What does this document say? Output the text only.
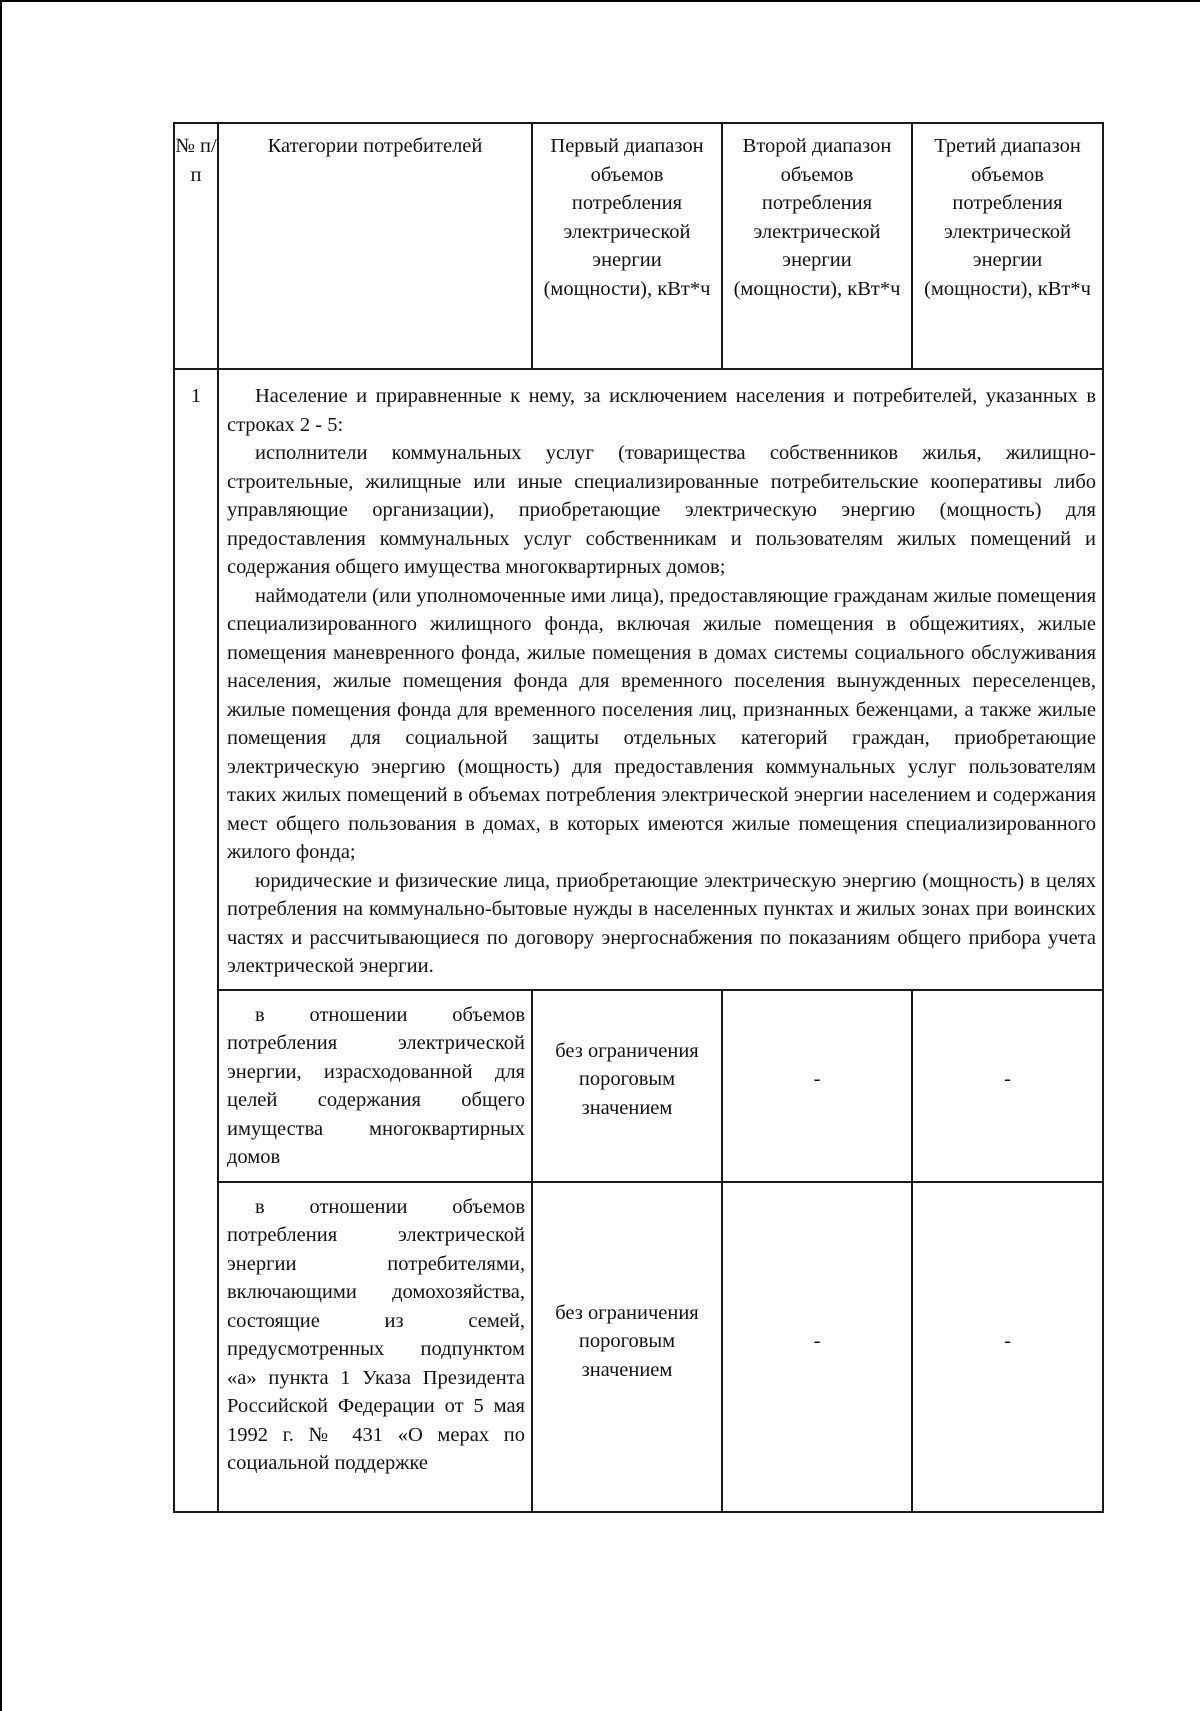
№ п/п	Категории потребителей	Первый диапазон объемов потребления электрической энергии (мощности), кВт*ч	Второй диапазон объемов потребления электрической энергии (мощности), кВт*ч	Третий диапазон объемов потребления электрической энергии (мощности), кВт*ч
1	Население и приравненные к нему, за исключением населения и потребителей, указанных в строках 2 - 5:

исполнители коммунальных услуг (товарищества собственников жилья, жилищно-строительные, жилищные или иные специализированные потребительские кооперативы либо управляющие организации), приобретающие электрическую энергию (мощность) для предоставления коммунальных услуг собственникам и пользователям жилых помещений и содержания общего имущества многоквартирных домов;

наймодатели (или уполномоченные ими лица), предоставляющие гражданам жилые помещения специализированного жилищного фонда, включая жилые помещения в общежитиях, жилые помещения маневренного фонда, жилые помещения в домах системы социального обслуживания населения, жилые помещения фонда для временного поселения вынужденных переселенцев, жилые помещения фонда для временного поселения лиц, признанных беженцами, а также жилые помещения для социальной защиты отдельных категорий граждан, приобретающие электрическую энергию (мощность) для предоставления коммунальных услуг пользователям таких жилых помещений в объемах потребления электрической энергии населением и содержания мест общего пользования в домах, в которых имеются жилые помещения специализированного жилого фонда;

юридические и физические лица, приобретающие электрическую энергию (мощность) в целях потребления на коммунально-бытовые нужды в населенных пунктах и жилых зонах при воинских частях и рассчитывающиеся по договору энергоснабжения по показаниям общего прибора учета электрической энергии.			

	в отношении объемов потребления электрической энергии, израсходованной для целей содержания общего имущества многоквартирных домов	без ограничения пороговым значением	-	-

	в отношении объемов потребления электрической энергии потребителями, включающими домохозяйства, состоящие из семей, предусмотренных подпунктом «а» пункта 1 Указа Президента Российской Федерации от 5 мая 1992 г. № 431 «О мерах по социальной поддержке	без ограничения пороговым значением	-	-
